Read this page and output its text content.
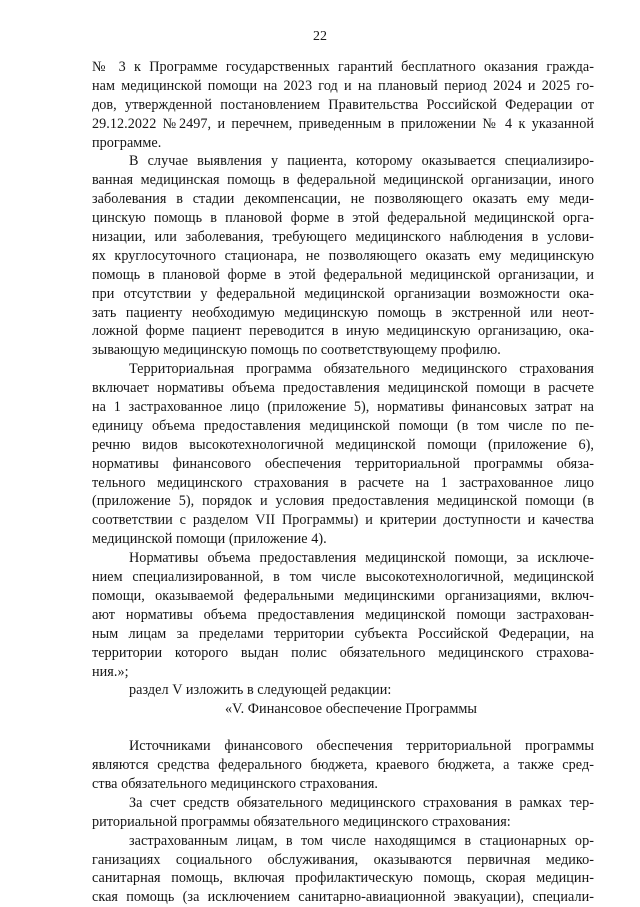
22
№ 3 к Программе государственных гарантий бесплатного оказания граждa-
нам медицинской помощи на 2023 год и на плановый период 2024 и 2025 го-
дов, утвержденной постановлением Правительства Российской Федерации от
29.12.2022 №2497, и перечнем, приведенным в приложении № 4 к указанной
программе.
В случае выявления у пациента, которому оказывается специализиро-
ванная медицинская помощь в федеральной медицинской организации, иного
заболевания в стадии декомпенсации, не позволяющего оказать ему меди-
цинскую помощь в плановой форме в этой федеральной медицинской орга-
низации, или заболевания, требующего медицинского наблюдения в услови-
ях круглосуточного стационара, не позволяющего оказать ему медицинскую
помощь в плановой форме в этой федеральной медицинской организации, и
при отсутствии у федеральной медицинской организации возможности ока-
зать пациенту необходимую медицинскую помощь в экстренной или неот-
ложной форме пациент переводится в иную медицинскую организацию, ока-
зывающую медицинскую помощь по соответствующему профилю.
Территориальная программа обязательного медицинского страхования
включает нормативы объема предоставления медицинской помощи в расчете
на 1 застрахованное лицо (приложение 5), нормативы финансовых затрат на
единицу объема предоставления медицинской помощи (в том числе по пе-
речню видов высокотехнологичной медицинской помощи (приложение 6),
нормативы финансового обеспечения территориальной программы обяза-
тельного медицинского страхования в расчете на 1 застрахованное лицо
(приложение 5), порядок и условия предоставления медицинской помощи (в
соответствии с разделом VII Программы) и критерии доступности и качества
медицинской помощи (приложение 4).
Нормативы объема предоставления медицинской помощи, за исключе-
нием специализированной, в том числе высокотехнологичной, медицинской
помощи, оказываемой федеральными медицинскими организациями, включ-
ают нормативы объема предоставления медицинской помощи застрахован-
ным лицам за пределами территории субъекта Российской Федерации, на
территории которого выдан полис обязательного медицинского страхова-
ния.»;
раздел V изложить в следующей редакции:
«V. Финансовое обеспечение Программы
Источниками финансового обеспечения территориальной программы
являются средства федерального бюджета, краевого бюджета, а также сред-
ства обязательного медицинского страхования.
За счет средств обязательного медицинского страхования в рамках тер-
риториальной программы обязательного медицинского страхования:
застрахованным лицам, в том числе находящимся в стационарных ор-
ганизациях социального обслуживания, оказываются первичная медико-
санитарная помощь, включая профилактическую помощь, скорая медицин-
ская помощь (за исключением санитарно-авиационной эвакуации), специали-
